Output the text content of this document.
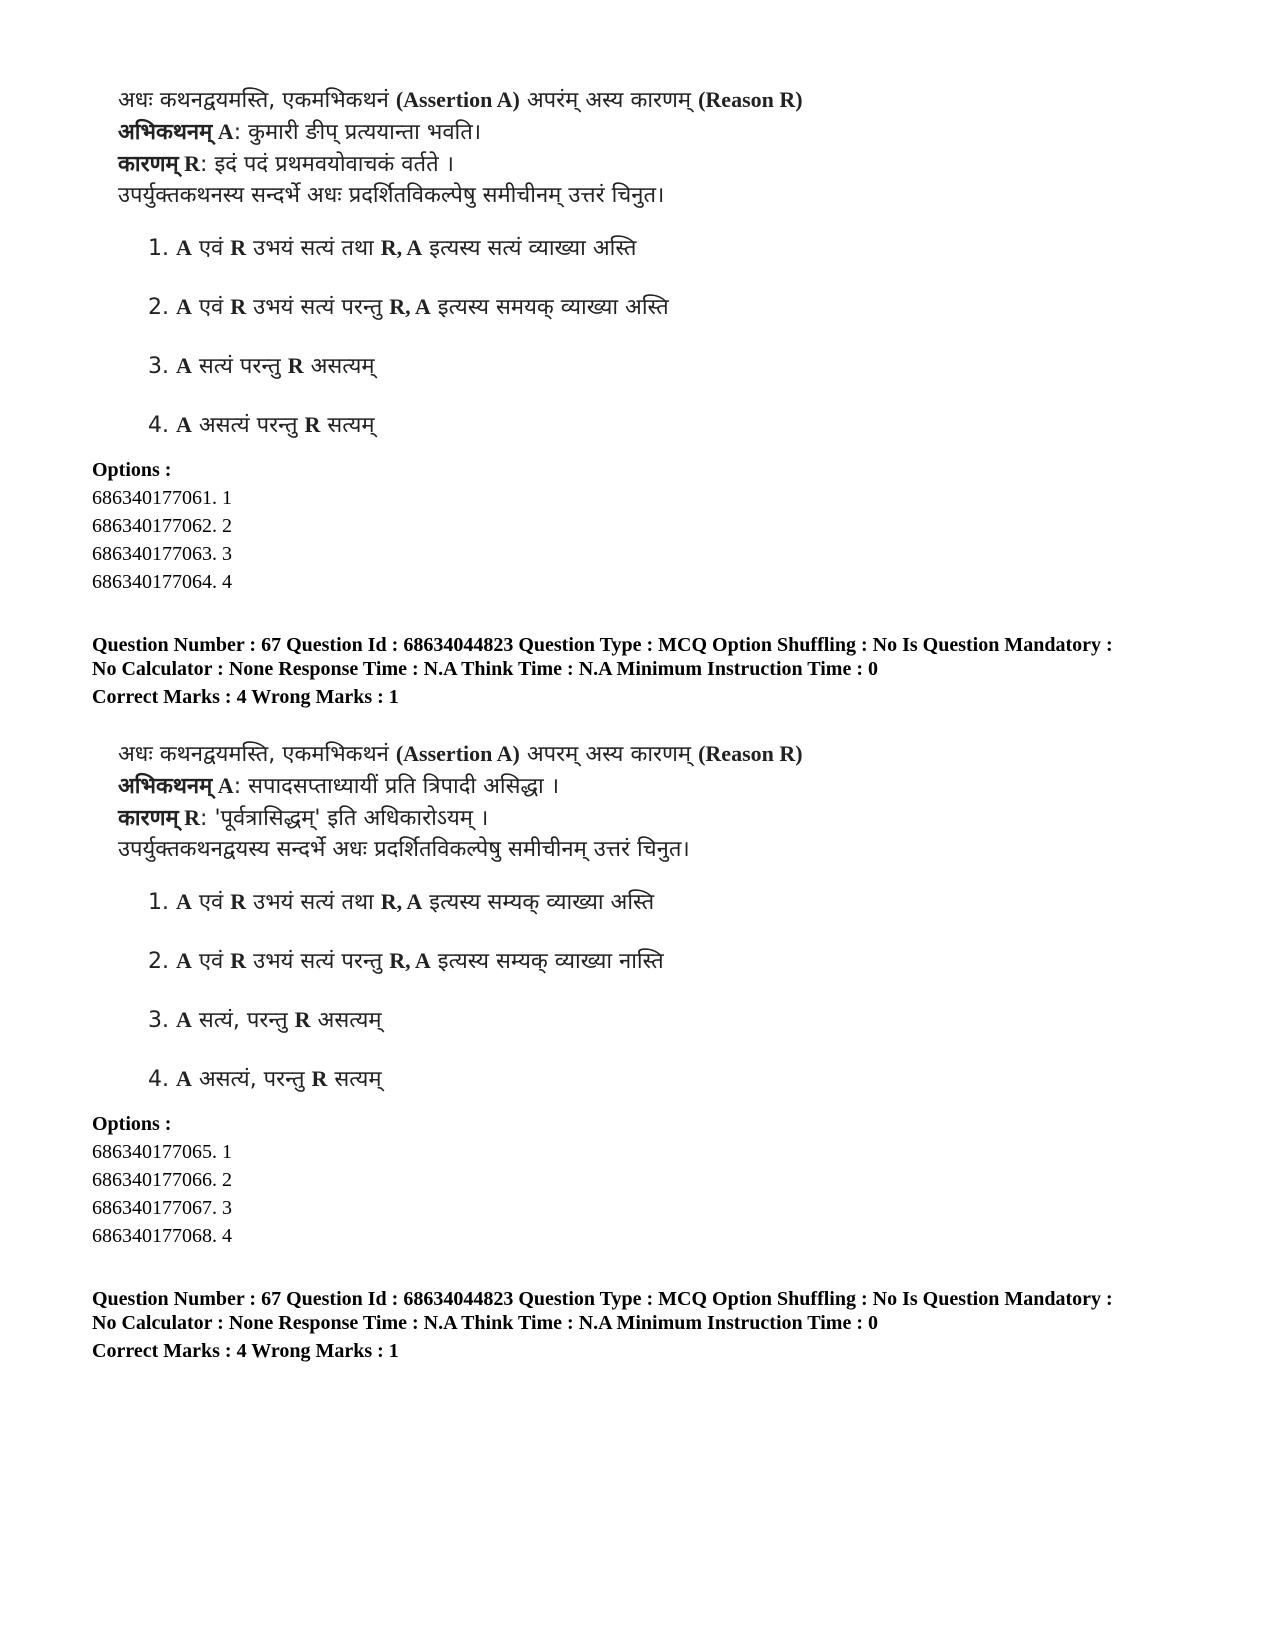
अधः कथनद्वयमस्ति, एकमभिकथनं (Assertion A) अपरंम् अस्य कारणम् (Reason R)
अभिकथनम् A: कुमारी ङीप् प्रत्ययान्ता भवति।
कारणम् R: इदं पदं प्रथमवयोवाचकं वर्तते ।
उपर्युक्तकथनस्य सन्दर्भे अधः प्रदर्शितविकल्पेषु समीचीनम् उत्तरं चिनुत।
1. A एवं R उभयं सत्यं तथा R, A इत्यस्य सत्यं व्याख्या अस्ति
2. A एवं R उभयं सत्यं परन्तु R, A इत्यस्य समयक् व्याख्या अस्ति
3. A सत्यं परन्तु R असत्यम्
4. A असत्यं परन्तु R सत्यम्
Options :
686340177061. 1
686340177062. 2
686340177063. 3
686340177064. 4
Question Number : 67 Question Id : 68634044823 Question Type : MCQ Option Shuffling : No Is Question Mandatory :
No Calculator : None Response Time : N.A Think Time : N.A Minimum Instruction Time : 0
Correct Marks : 4 Wrong Marks : 1
अधः कथनद्वयमस्ति, एकमभिकथनं (Assertion A) अपरम् अस्य कारणम् (Reason R)
अभिकथनम् A: सपादसप्ताध्यायीं प्रति त्रिपादी असिद्धा ।
कारणम् R: 'पूर्वत्रासिद्धम्' इति अधिकारोऽयम् ।
उपर्युक्तकथनद्वयस्य सन्दर्भे अधः प्रदर्शितविकल्पेषु समीचीनम् उत्तरं चिनुत।
1. A एवं R उभयं सत्यं तथा R, A इत्यस्य सम्यक् व्याख्या अस्ति
2. A एवं R उभयं सत्यं परन्तु R, A इत्यस्य सम्यक् व्याख्या नास्ति
3. A सत्यं, परन्तु R असत्यम्
4. A असत्यं, परन्तु R सत्यम्
Options :
686340177065. 1
686340177066. 2
686340177067. 3
686340177068. 4
Question Number : 67 Question Id : 68634044823 Question Type : MCQ Option Shuffling : No Is Question Mandatory :
No Calculator : None Response Time : N.A Think Time : N.A Minimum Instruction Time : 0
Correct Marks : 4 Wrong Marks : 1
